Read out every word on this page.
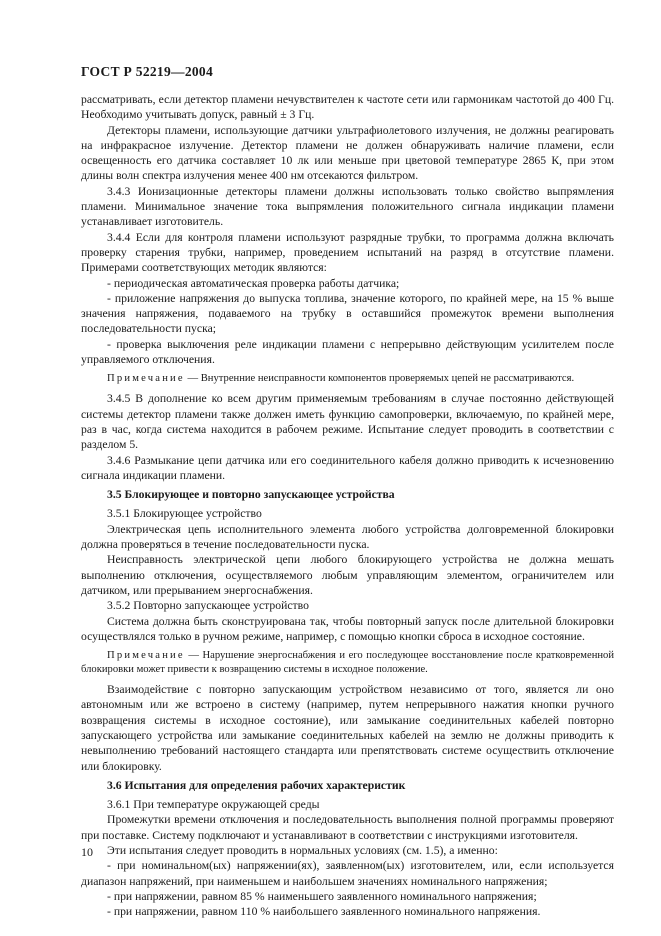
ГОСТ Р 52219—2004

рассматривать, если детектор пламени нечувствителен к частоте сети или гармоникам частотой до 400 Гц. Необходимо учитывать допуск, равный ± 3 Гц.

Детекторы пламени, использующие датчики ультрафиолетового излучения, не должны реагировать на инфракрасное излучение. Детектор пламени не должен обнаруживать наличие пламени, если освещенность его датчика составляет 10 лк или меньше при цветовой температуре 2865 К, при этом длины волн спектра излучения менее 400 нм отсекаются фильтром.

3.4.3 Ионизационные детекторы пламени должны использовать только свойство выпрямления пламени. Минимальное значение тока выпрямления положительного сигнала индикации пламени устанавливает изготовитель.

3.4.4 Если для контроля пламени используют разрядные трубки, то программа должна включать проверку старения трубки, например, проведением испытаний на разряд в отсутствие пламени. Примерами соответствующих методик являются:

- периодическая автоматическая проверка работы датчика;

- приложение напряжения до выпуска топлива, значение которого, по крайней мере, на 15 % выше значения напряжения, подаваемого на трубку в оставшийся промежуток времени выполнения последовательности пуска;

- проверка выключения реле индикации пламени с непрерывно действующим усилителем после управляемого отключения.

Примечание — Внутренние неисправности компонентов проверяемых цепей не рассматриваются.

3.4.5 В дополнение ко всем другим применяемым требованиям в случае постоянно действующей системы детектор пламени также должен иметь функцию самопроверки, включаемую, по крайней мере, раз в час, когда система находится в рабочем режиме. Испытание следует проводить в соответствии с разделом 5.

3.4.6 Размыкание цепи датчика или его соединительного кабеля должно приводить к исчезновению сигнала индикации пламени.

3.5 Блокирующее и повторно запускающее устройства

3.5.1 Блокирующее устройство

Электрическая цепь исполнительного элемента любого устройства долговременной блокировки должна проверяться в течение последовательности пуска.

Неисправность электрической цепи любого блокирующего устройства не должна мешать выполнению отключения, осуществляемого любым управляющим элементом, ограничителем или датчиком, или прерыванием энергоснабжения.

3.5.2 Повторно запускающее устройство

Система должна быть сконструирована так, чтобы повторный запуск после длительной блокировки осуществлялся только в ручном режиме, например, с помощью кнопки сброса в исходное состояние.

Примечание — Нарушение энергоснабжения и его последующее восстановление после кратковременной блокировки может привести к возвращению системы в исходное положение.

Взаимодействие с повторно запускающим устройством независимо от того, является ли оно автономным или же встроено в систему (например, путем непрерывного нажатия кнопки ручного возвращения системы в исходное состояние), или замыкание соединительных кабелей повторно запускающего устройства или замыкание соединительных кабелей на землю не должны приводить к невыполнению требований настоящего стандарта или препятствовать системе осуществить отключение или блокировку.

3.6 Испытания для определения рабочих характеристик

3.6.1 При температуре окружающей среды

Промежутки времени отключения и последовательность выполнения полной программы проверяют при поставке. Систему подключают и устанавливают в соответствии с инструкциями изготовителя.

Эти испытания следует проводить в нормальных условиях (см. 1.5), а именно:

- при номинальном(ых) напряжении(ях), заявленном(ых) изготовителем, или, если используется диапазон напряжений, при наименьшем и наибольшем значениях номинального напряжения;

- при напряжении, равном 85 % наименьшего заявленного номинального напряжения;

- при напряжении, равном 110 % наибольшего заявленного номинального напряжения.

10
